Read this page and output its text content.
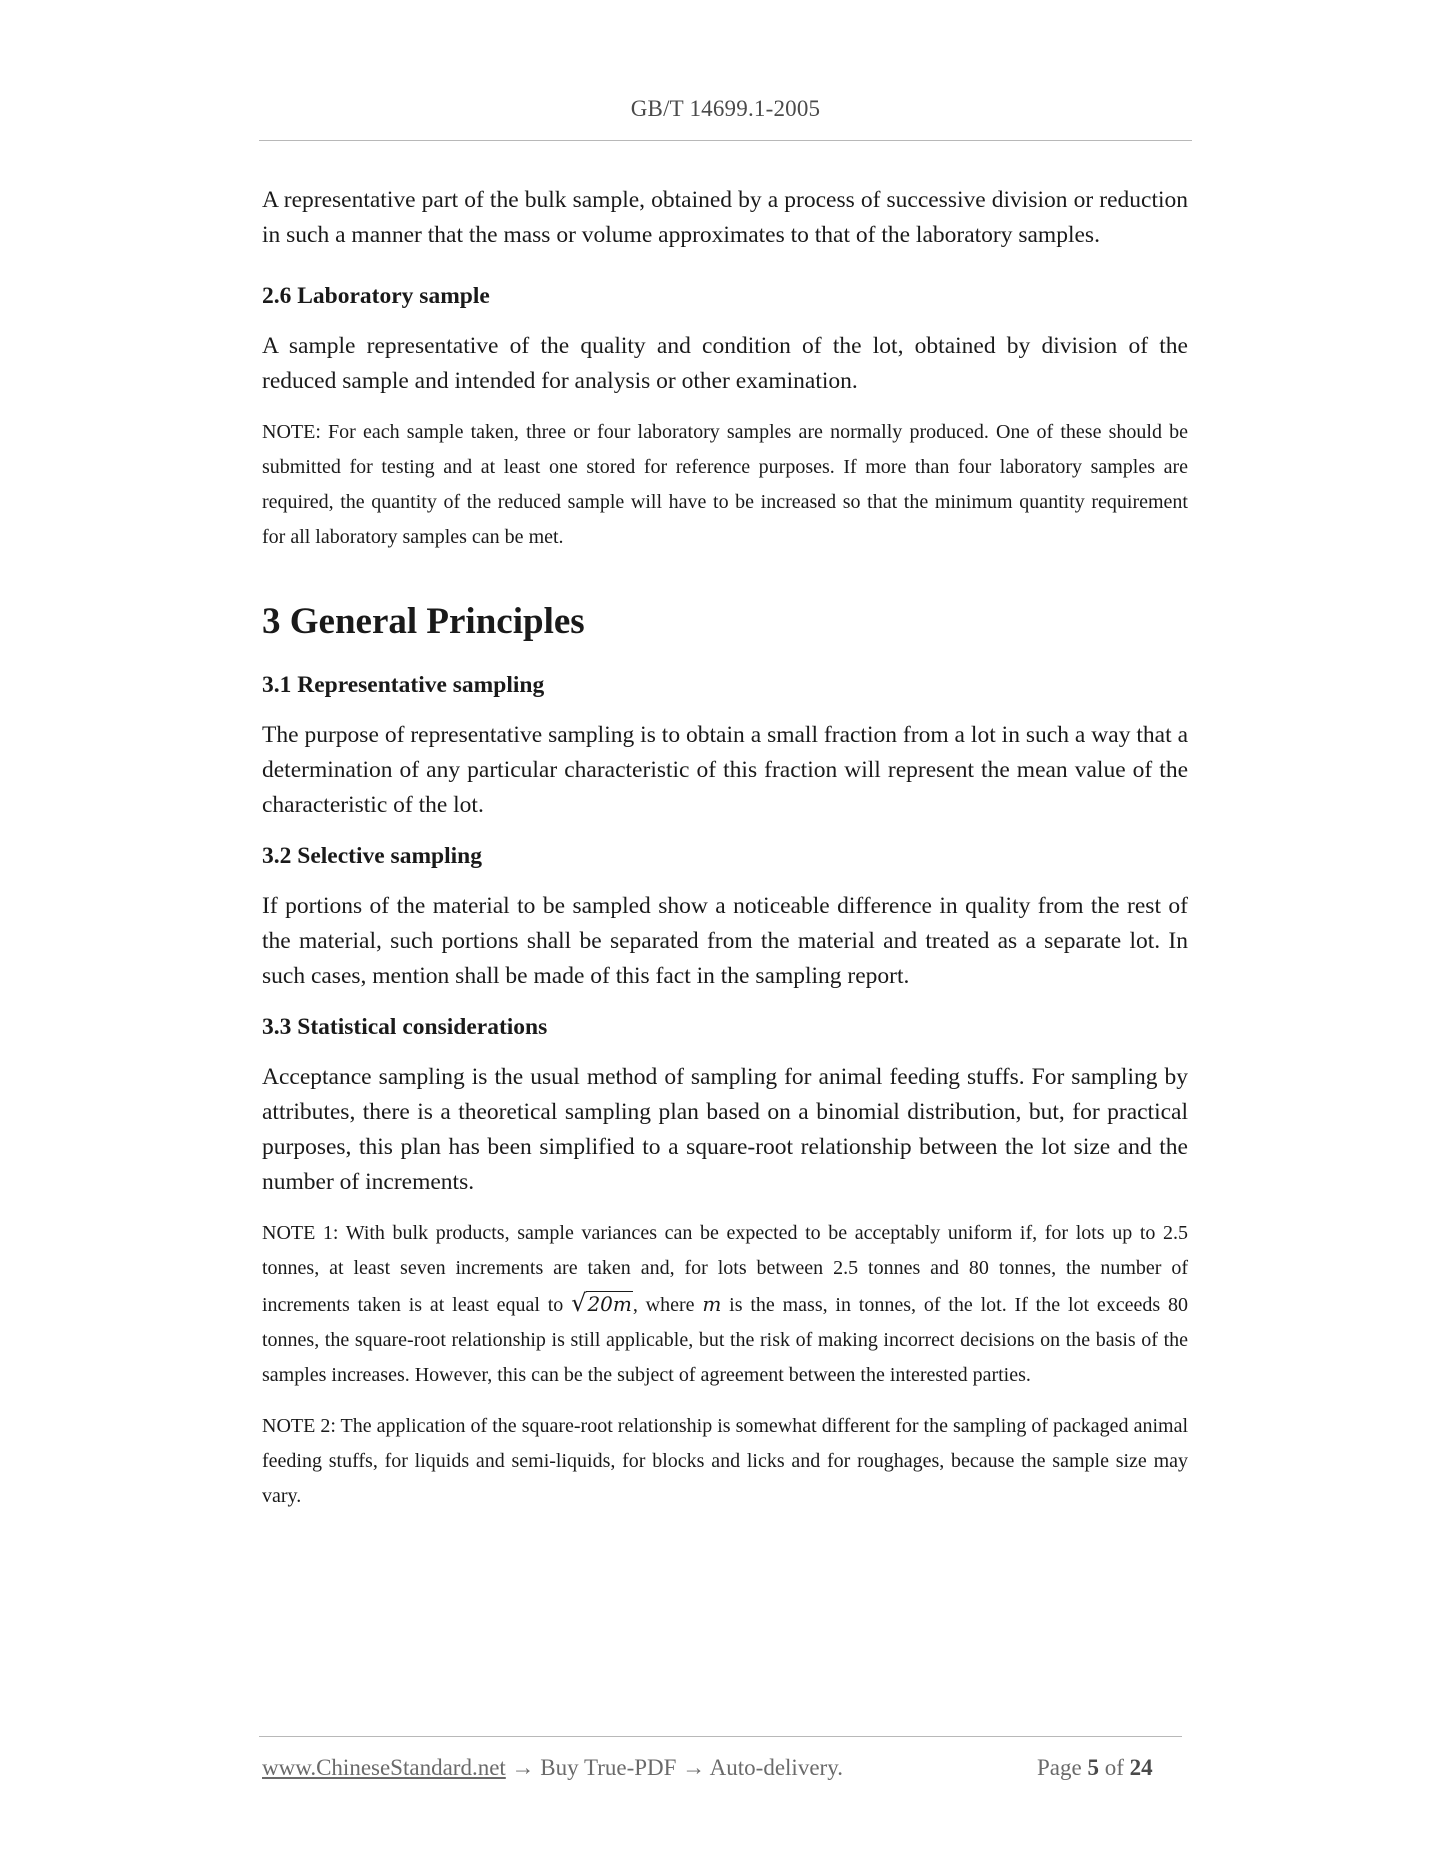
GB/T 14699.1-2005

A representative part of the bulk sample, obtained by a process of successive division or reduction in such a manner that the mass or volume approximates to that of the laboratory samples.

2.6 Laboratory sample

A sample representative of the quality and condition of the lot, obtained by division of the reduced sample and intended for analysis or other examination.

NOTE: For each sample taken, three or four laboratory samples are normally produced. One of these should be submitted for testing and at least one stored for reference purposes. If more than four laboratory samples are required, the quantity of the reduced sample will have to be increased so that the minimum quantity requirement for all laboratory samples can be met.

3 General Principles

3.1 Representative sampling

The purpose of representative sampling is to obtain a small fraction from a lot in such a way that a determination of any particular characteristic of this fraction will represent the mean value of the characteristic of the lot.

3.2 Selective sampling

If portions of the material to be sampled show a noticeable difference in quality from the rest of the material, such portions shall be separated from the material and treated as a separate lot. In such cases, mention shall be made of this fact in the sampling report.

3.3 Statistical considerations

Acceptance sampling is the usual method of sampling for animal feeding stuffs. For sampling by attributes, there is a theoretical sampling plan based on a binomial distribution, but, for practical purposes, this plan has been simplified to a square-root relationship between the lot size and the number of increments.

NOTE 1: With bulk products, sample variances can be expected to be acceptably uniform if, for lots up to 2.5 tonnes, at least seven increments are taken and, for lots between 2.5 tonnes and 80 tonnes, the number of increments taken is at least equal to √20m, where m is the mass, in tonnes, of the lot. If the lot exceeds 80 tonnes, the square-root relationship is still applicable, but the risk of making incorrect decisions on the basis of the samples increases. However, this can be the subject of agreement between the interested parties.

NOTE 2: The application of the square-root relationship is somewhat different for the sampling of packaged animal feeding stuffs, for liquids and semi-liquids, for blocks and licks and for roughages, because the sample size may vary.

www.ChineseStandard.net → Buy True-PDF → Auto-delivery.	Page 5 of 24
